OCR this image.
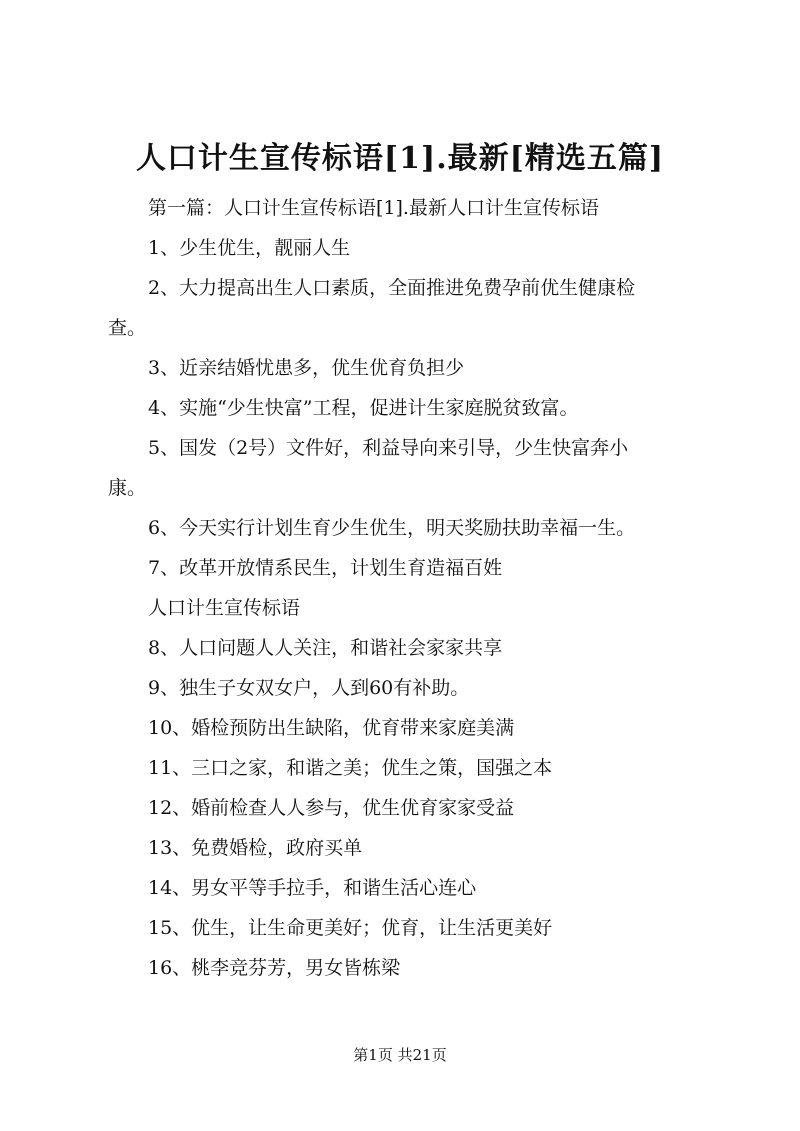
人口计生宣传标语[1].最新[精选五篇]
第一篇：人口计生宣传标语[1].最新人口计生宣传标语
1、少生优生，靓丽人生
2、大力提高出生人口素质，全面推进免费孕前优生健康检
查。
3、近亲结婚忧患多，优生优育负担少
4、实施“少生快富”工程，促进计生家庭脱贫致富。
5、国发（2号）文件好，利益导向来引导，少生快富奔小
康。
6、今天实行计划生育少生优生，明天奖励扶助幸福一生。
7、改革开放情系民生，计划生育造福百姓
人口计生宣传标语
8、人口问题人人关注，和谐社会家家共享
9、独生子女双女户，人到60有补助。
10、婚检预防出生缺陷，优育带来家庭美满
11、三口之家，和谐之美；优生之策，国强之本
12、婚前检查人人参与，优生优育家家受益
13、免费婚检，政府买单
14、男女平等手拉手，和谐生活心连心
15、优生，让生命更美好；优育，让生活更美好
16、桃李竞芬芳，男女皆栋梁
第1页 共21页
